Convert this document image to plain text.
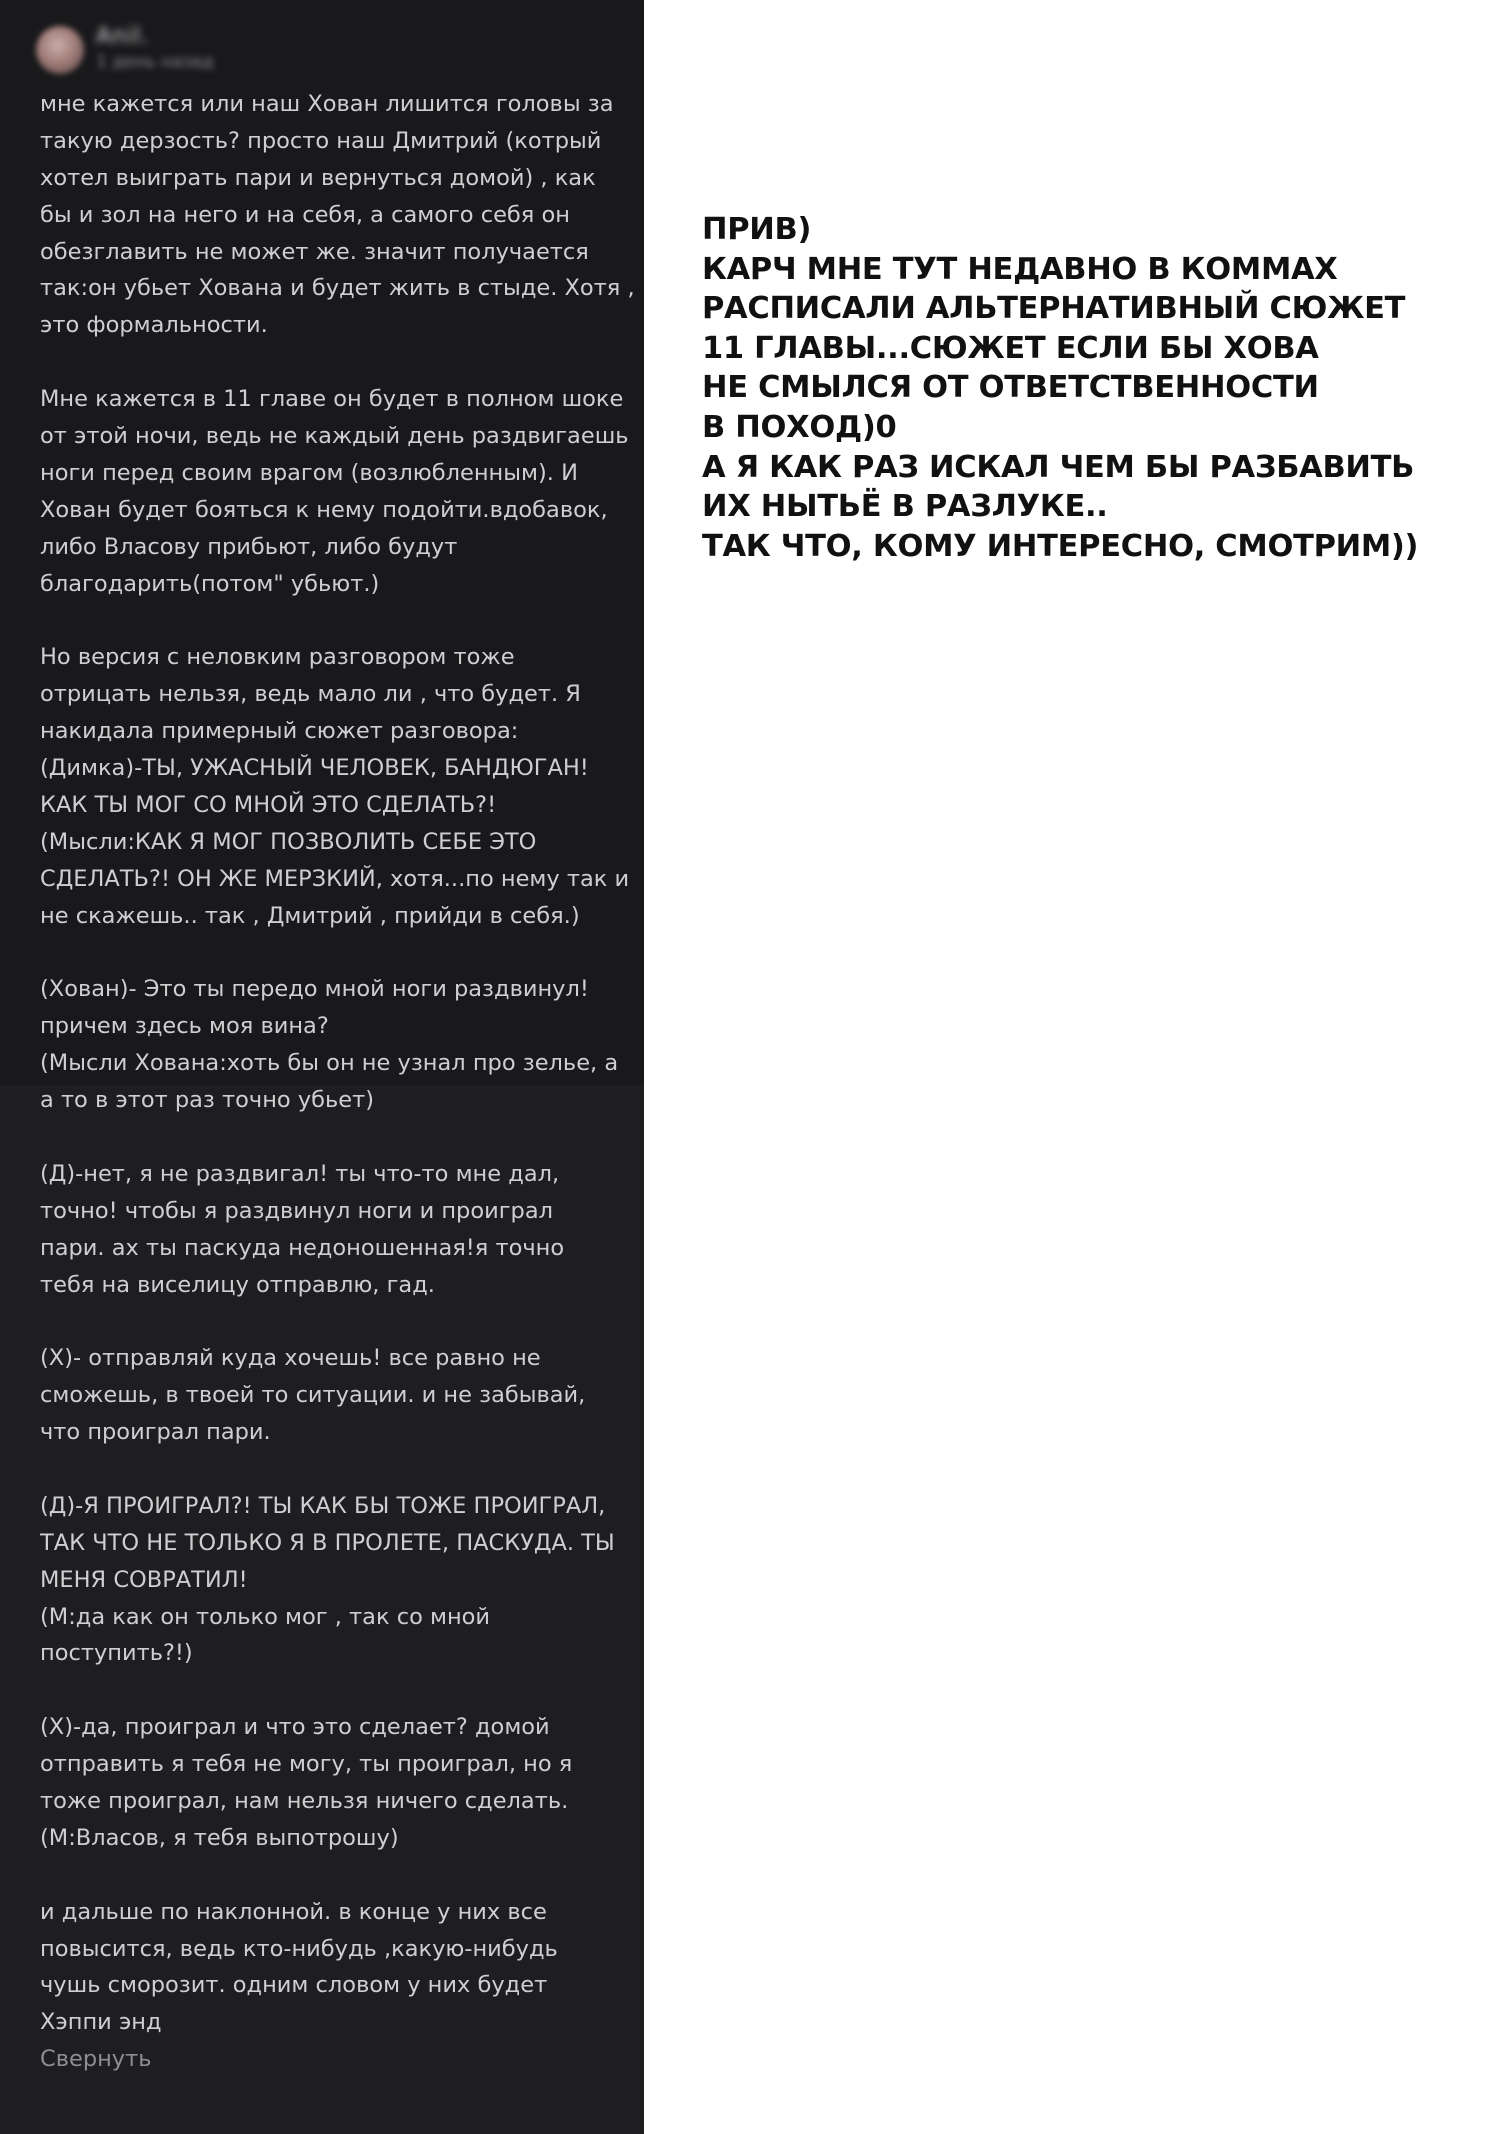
Anil.
1 день назад
мне кажется или наш Хован лишится головы за
такую дерзость? просто наш Дмитрий (котрый
хотел выиграть пари и вернуться домой) , как
бы и зол на него и на себя, а самого себя он
обезглавить не может же. значит получается
так:он убьет Хована и будет жить в стыде. Хотя ,
это формальности.
Мне кажется в 11 главе он будет в полном шоке
от этой ночи, ведь не каждый день раздвигаешь
ноги перед своим врагом (возлюбленным). И
Хован будет бояться к нему подойти.вдобавок,
либо Власову прибьют, либо будут
благодарить(потом" убьют.)
Но версия с неловким разговором тоже
отрицать нельзя, ведь мало ли , что будет. Я
накидала примерный сюжет разговора:
(Димка)-ТЫ, УЖАСНЫЙ ЧЕЛОВЕК, БАНДЮГАН!
КАК ТЫ МОГ СО МНОЙ ЭТО СДЕЛАТЬ?!
(Мысли:КАК Я МОГ ПОЗВОЛИТЬ СЕБЕ ЭТО
СДЕЛАТЬ?! ОН ЖЕ МЕРЗКИЙ, хотя...по нему так и
не скажешь.. так , Дмитрий , прийди в себя.)
(Хован)- Это ты передо мной ноги раздвинул!
причем здесь моя вина?
(Мысли Хована:хоть бы он не узнал про зелье, а
а то в этот раз точно убьет)
(Д)-нет, я не раздвигал! ты что-то мне дал,
точно! чтобы я раздвинул ноги и проиграл
пари. ах ты паскуда недоношенная!я точно
тебя на виселицу отправлю, гад.
(Х)- отправляй куда хочешь! все равно не
сможешь, в твоей то ситуации. и не забывай,
что проиграл пари.
(Д)-Я ПРОИГРАЛ?! ТЫ КАК БЫ ТОЖЕ ПРОИГРАЛ,
ТАК ЧТО НЕ ТОЛЬКО Я В ПРОЛЕТЕ, ПАСКУДА. ТЫ
МЕНЯ СОВРАТИЛ!
(М:да как он только мог , так со мной
поступить?!)
(Х)-да, проиграл и что это сделает? домой
отправить я тебя не могу, ты проиграл, но я
тоже проиграл, нам нельзя ничего сделать.
(М:Власов, я тебя выпотрошу)
и дальше по наклонной. в конце у них все
повысится, ведь кто-нибудь ,какую-нибудь
чушь сморозит. одним словом у них будет
Хэппи энд
Свернуть
ПРИВ)
КАРЧ МНЕ ТУТ НЕДАВНО В КОММАХ
РАСПИСАЛИ АЛЬТЕРНАТИВНЫЙ СЮЖЕТ
11 ГЛАВЫ...СЮЖЕТ ЕСЛИ БЫ ХОВА
НЕ СМЫЛСЯ ОТ ОТВЕТСТВЕННОСТИ
В ПОХОД)0
А Я КАК РАЗ ИСКАЛ ЧЕМ БЫ РАЗБАВИТЬ
ИХ НЫТЬЁ В РАЗЛУКЕ..
ТАК ЧТО, КОМУ ИНТЕРЕСНО, СМОТРИМ))
